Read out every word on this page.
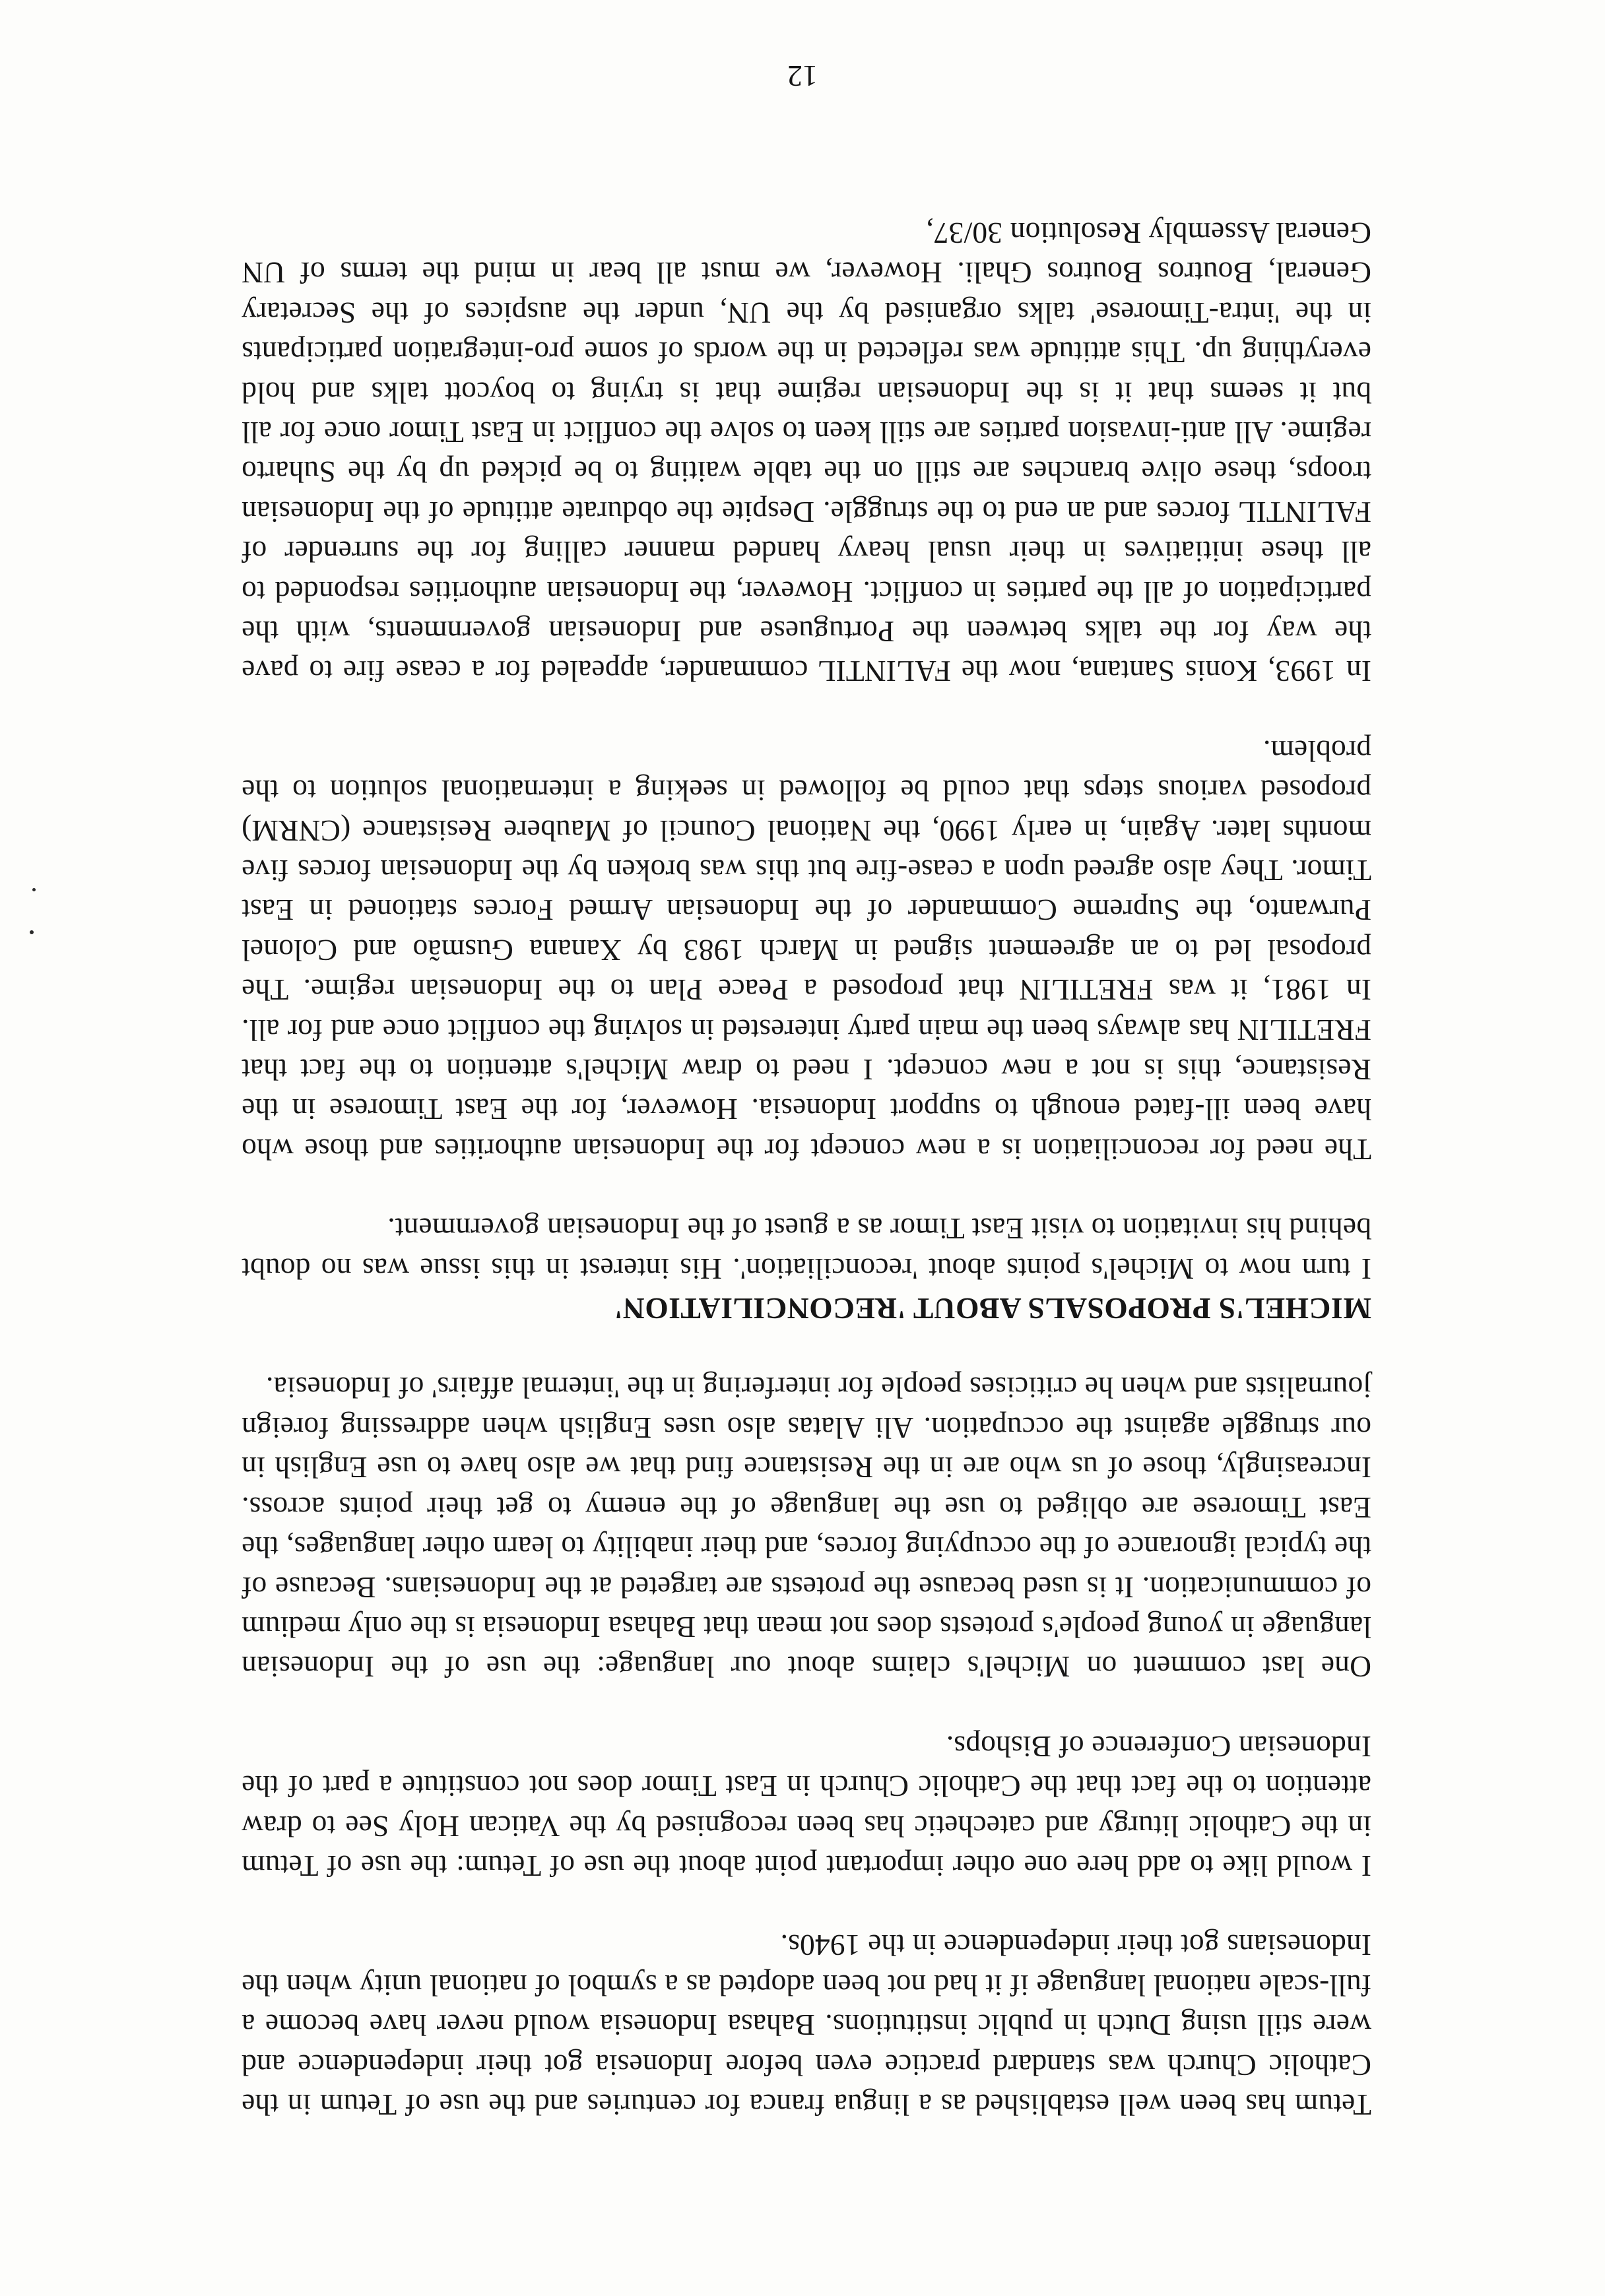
Tetum has been well established as a lingua franca for centuries and the use of Tetum in the Catholic Church was standard practice even before Indonesia got their independence and were still using Dutch in public institutions. Bahasa Indonesia would never have become a full-scale national language if it had not been adopted as a symbol of national unity when the Indonesians got their independence in the 1940s.

I would like to add here one other important point about the use of Tetum: the use of Tetum in the Catholic liturgy and catechetic has been recognised by the Vatican Holy See to draw attention to the fact that the Catholic Church in East Timor does not constitute a part of the Indonesian Conference of Bishops.

One last comment on Michel's claims about our language: the use of the Indonesian language in young people's protests does not mean that Bahasa Indonesia is the only medium of communication. It is used because the protests are targeted at the Indonesians. Because of the typical ignorance of the occupying forces, and their inability to learn other languages, the East Timorese are obliged to use the language of the enemy to get their points across. Increasingly, those of us who are in the Resistance find that we also have to use English in our struggle against the occupation. Ali Alatas also uses English when addressing foreign journalists and when he criticises people for interfering in the 'internal affairs' of Indonesia.

MICHEL'S PROPOSALS ABOUT 'RECONCILIATION'

I turn now to Michel's points about 'reconciliation'. His interest in this issue was no doubt behind his invitation to visit East Timor as a guest of the Indonesian government.

The need for reconciliation is a new concept for the Indonesian authorities and those who have been ill-fated enough to support Indonesia. However, for the East Timorese in the Resistance, this is not a new concept. I need to draw Michel's attention to the fact that FRETILIN has always been the main party interested in solving the conflict once and for all. In 1981, it was FRETILIN that proposed a Peace Plan to the Indonesian regime. The proposal led to an agreement signed in March 1983 by Xanana Gusmão and Colonel Purwanto, the Supreme Commander of the Indonesian Armed Forces stationed in East Timor. They also agreed upon a cease-fire but this was broken by the Indonesian forces five months later. Again, in early 1990, the National Council of Maubere Resistance (CNRM) proposed various steps that could be followed in seeking a international solution to the problem.

In 1993, Konis Santana, now the FALINTIL commander, appealed for a cease fire to pave the way for the talks between the Portuguese and Indonesian governments, with the participation of all the parties in conflict. However, the Indonesian authorities responded to all these initiatives in their usual heavy handed manner calling for the surrender of FALINTIL forces and an end to the struggle. Despite the obdurate attitude of the Indonesian troops, these olive branches are still on the table waiting to be picked up by the Suharto regime. All anti-invasion parties are still keen to solve the conflict in East Timor once for all but it seems that it is the Indonesian regime that is trying to boycott talks and hold everything up. This attitude was reflected in the words of some pro-integration participants in the 'intra-Timorese' talks organised by the UN, under the auspices of the Secretary General, Boutros Boutros Ghali. However, we must all bear in mind the terms of UN General Assembly Resolution 30/37,

12
